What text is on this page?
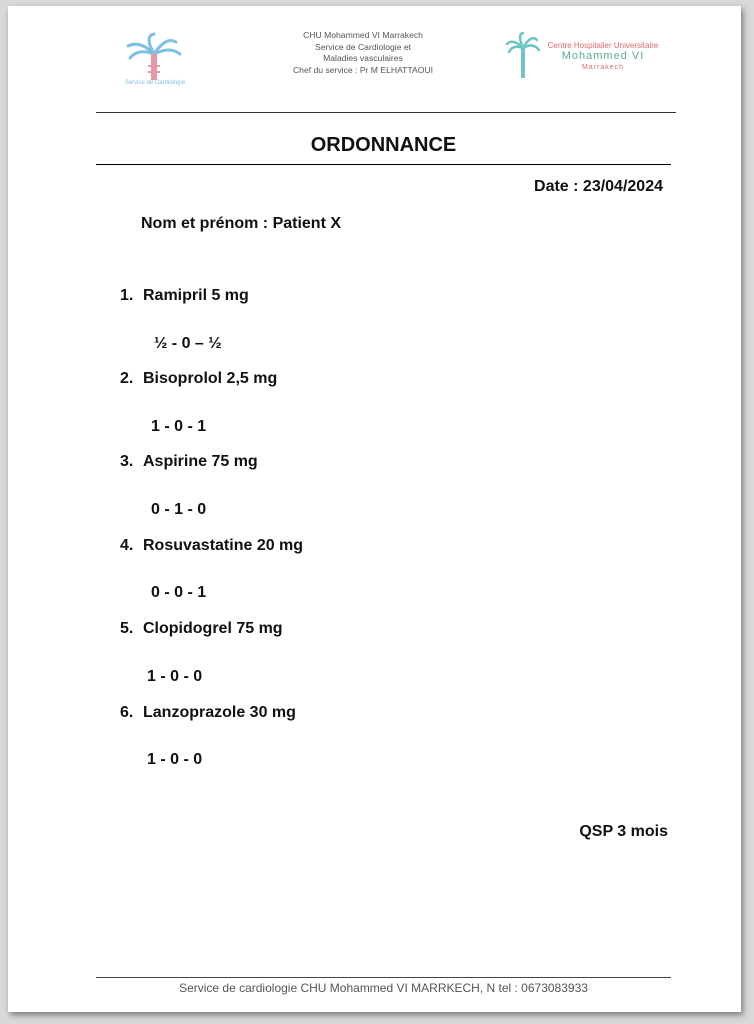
Service de Cardiologie
CHU Mohammed VI Marrakech
Service de Cardiologie et
Maladies vasculaires
Chef du service : Pr M ELHATTAOUI
Centre Hospitalier Universitaire
Mohammed VI
Marrakech
ORDONNANCE
Date : 23/04/2024
Nom et prénom : Patient X
1. Ramipril 5 mg
½ - 0 – ½
2. Bisoprolol 2,5 mg
1 - 0 - 1
3. Aspirine 75 mg
0 - 1 - 0
4. Rosuvastatine 20 mg
0 - 0 - 1
5. Clopidogrel 75 mg
1 - 0 - 0
6. Lanzoprazole 30 mg
1 - 0 - 0
QSP 3 mois
Service de cardiologie CHU Mohammed VI MARRKECH, N tel : 0673083933
